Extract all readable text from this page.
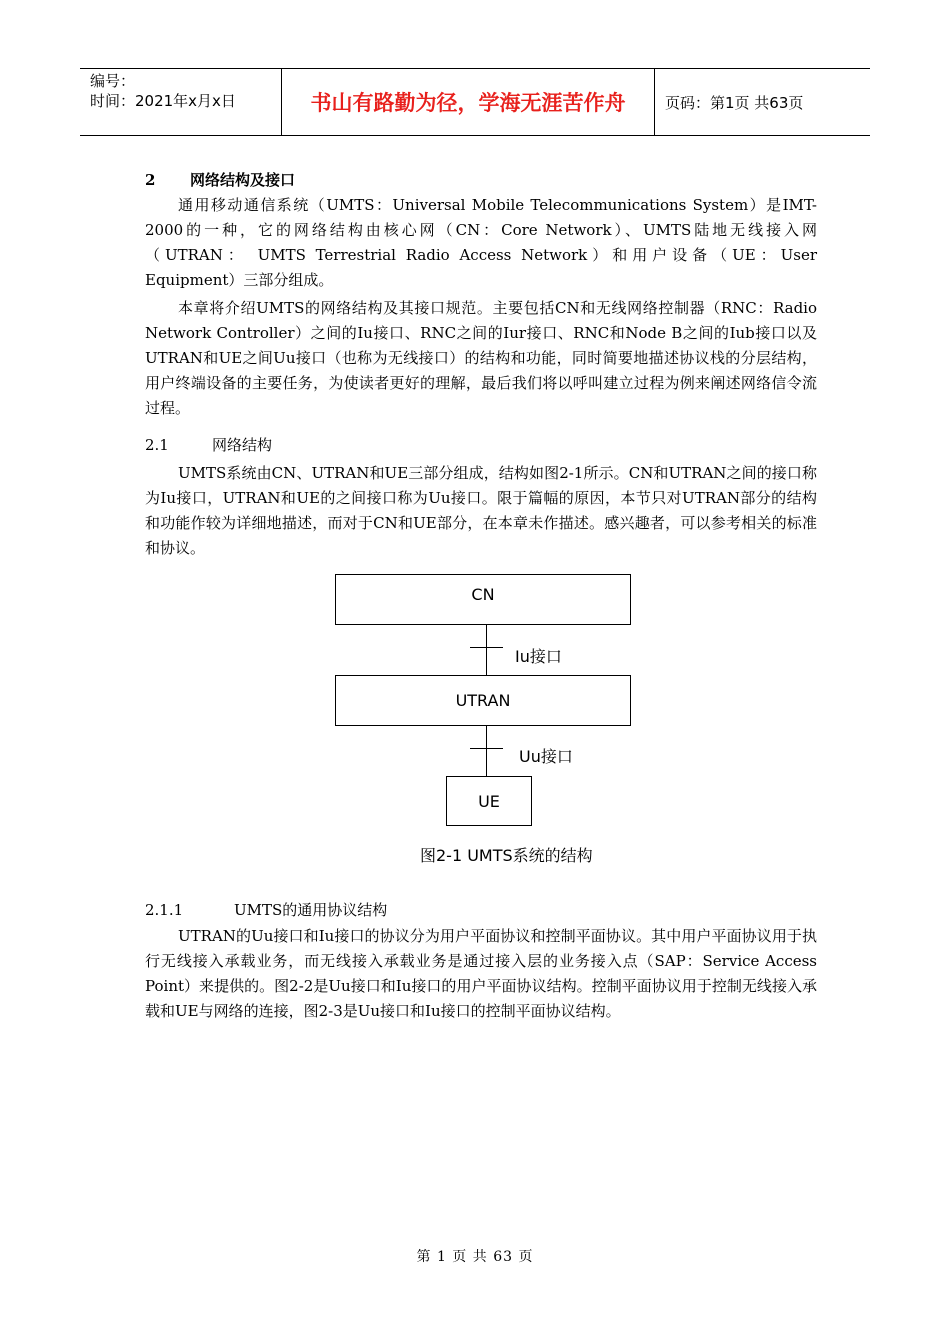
编号：
时间：2021年x月x日	书山有路勤为径，学海无涯苦作舟	页码：第1页 共63页
2 网络结构及接口

通用移动通信系统（UMTS：Universal Mobile Telecommunications System）是IMT-2000的一种，它的网络结构由核心网（CN：Core Network）、UMTS陆地无线接入网（UTRAN： UMTS Terrestrial Radio Access Network）和用户设备（UE：User Equipment）三部分组成。

本章将介绍UMTS的网络结构及其接口规范。主要包括CN和无线网络控制器（RNC：Radio Network Controller）之间的Iu接口、RNC之间的Iur接口、RNC和Node B之间的Iub接口以及UTRAN和UE之间Uu接口（也称为无线接口）的结构和功能，同时简要地描述协议栈的分层结构，用户终端设备的主要任务，为使读者更好的理解，最后我们将以呼叫建立过程为例来阐述网络信令流过程。

2.1	网络结构

UMTS系统由CN、UTRAN和UE三部分组成，结构如图2-1所示。CN和UTRAN之间的接口称为Iu接口，UTRAN和UE的之间接口称为Uu接口。限于篇幅的原因，本节只对UTRAN部分的结构和功能作较为详细地描述，而对于CN和UE部分，在本章未作描述。感兴趣者，可以参考相关的标准和协议。

CN
Iu接口
UTRAN
Uu接口
UE
图2-1 UMTS系统的结构
2.1.1	UMTS的通用协议结构

UTRAN的Uu接口和Iu接口的协议分为用户平面协议和控制平面协议。其中用户平面协议用于执行无线接入承载业务，而无线接入承载业务是通过接入层的业务接入点（SAP：Service Access Point）来提供的。图2-2是Uu接口和Iu接口的用户平面协议结构。控制平面协议用于控制无线接入承载和UE与网络的连接，图2-3是Uu接口和Iu接口的控制平面协议结构。

第 1 页 共 63 页
